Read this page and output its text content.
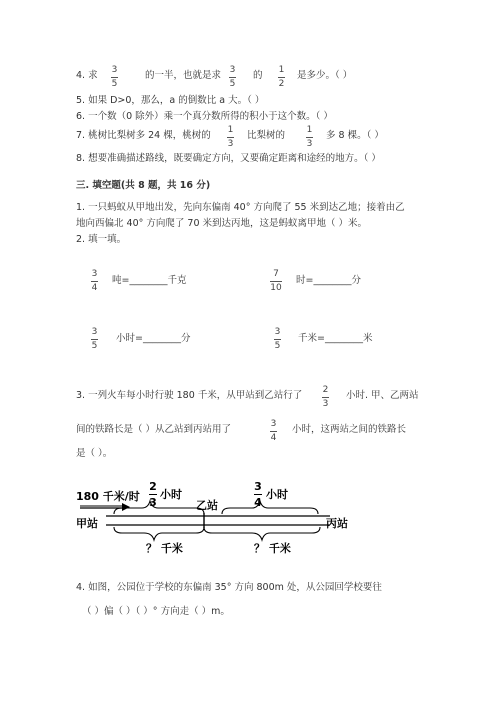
4. 求 3
5
的一半，也就是求 3
5
的 1
2
是多少。（ ）
5. 如果 D>0，那么，a 的倒数比 a 大。（ ）
6. 一个数（0 除外）乘一个真分数所得的积小于这个数。（ ）
7. 桃树比梨树多 24 棵，桃树的 1
3
比梨树的 1
3
多 8 棵。（ ）
8. 想要准确描述路线，既要确定方向，又要确定距离和途经的地方。（ ）
三. 填空题(共 8 题，共 16 分)
1. 一只蚂蚁从甲地出发，先向东偏南 40° 方向爬了 55 米到达乙地；接着由乙
地向西偏北 40° 方向爬了 70 米到达丙地，这是蚂蚁离甲地（ ）米。
2. 填一填。
3
4
吨=________千克
7
10
时=________分
3
5
小时=________分
3
5
千米=________米
3. 一列火车每小时行驶 180 千米，从甲站到乙站行了 2
3
小时. 甲、乙两站
间的铁路长是（ ）从乙站到丙站用了	3
4
小时，这两站之间的铁路长
是（ ）。
180 千米/时
2
3
小时
3
4
小时
甲站
乙站
丙站
？ 千米	？ 千米
4. 如图，公园位于学校的东偏南 35° 方向 800m 处，从公园回学校要往
（ ）偏（ ）（ ）° 方向走（ ）m。
